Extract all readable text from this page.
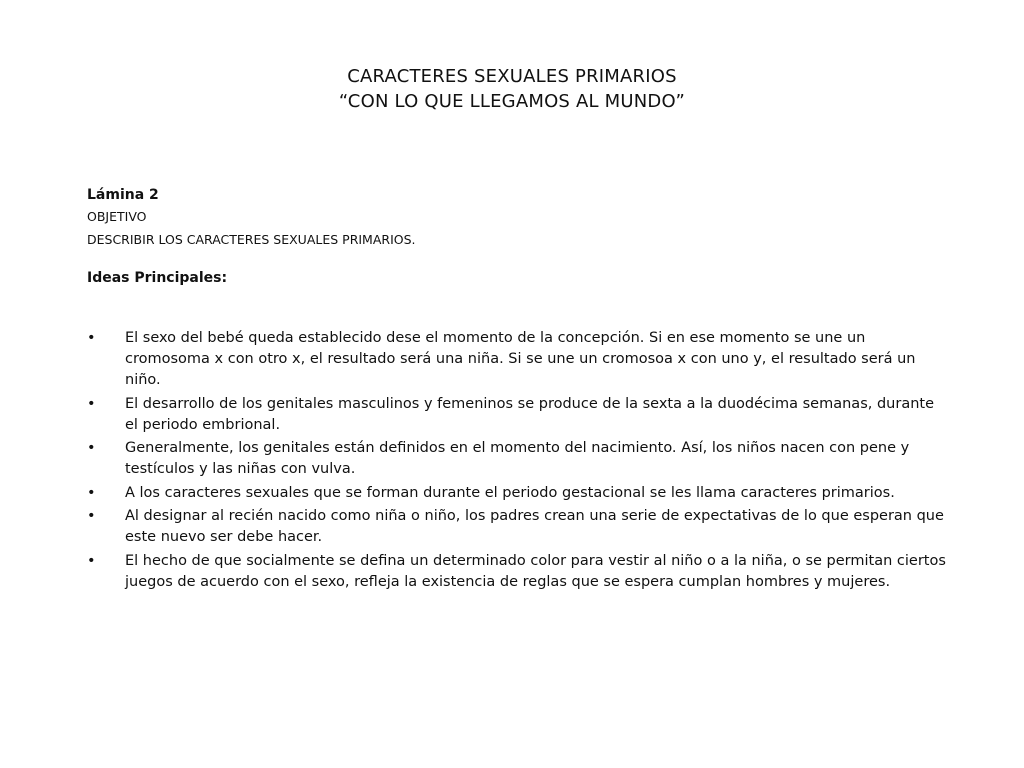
CARACTERES SEXUALES PRIMARIOS
“CON LO QUE LLEGAMOS AL MUNDO”

Lámina 2

OBJETIVO

DESCRIBIR LOS CARACTERES SEXUALES PRIMARIOS.

Ideas Principales:

•	El sexo del bebé queda establecido dese el momento de la concepción. Si en ese momento se une un cromosoma x con otro x, el resultado será una niña. Si se une un cromosoa x con uno y, el resultado será un niño.
•	El desarrollo de los genitales masculinos y femeninos se produce de la sexta a la duodécima semanas, durante el periodo embrional.
•	Generalmente, los genitales están definidos en el momento del nacimiento. Así, los niños nacen con pene y testículos y las niñas con vulva.
•	A los caracteres sexuales que se forman durante el periodo gestacional se les llama caracteres primarios.
•	Al designar al recién nacido como niña o niño, los padres crean una serie de expectativas de lo que esperan que este nuevo ser debe hacer.
•	El hecho de que socialmente se defina un determinado color para vestir al niño o a la niña, o se permitan ciertos juegos de acuerdo con el sexo, refleja la existencia de reglas que se espera cumplan hombres y mujeres.
